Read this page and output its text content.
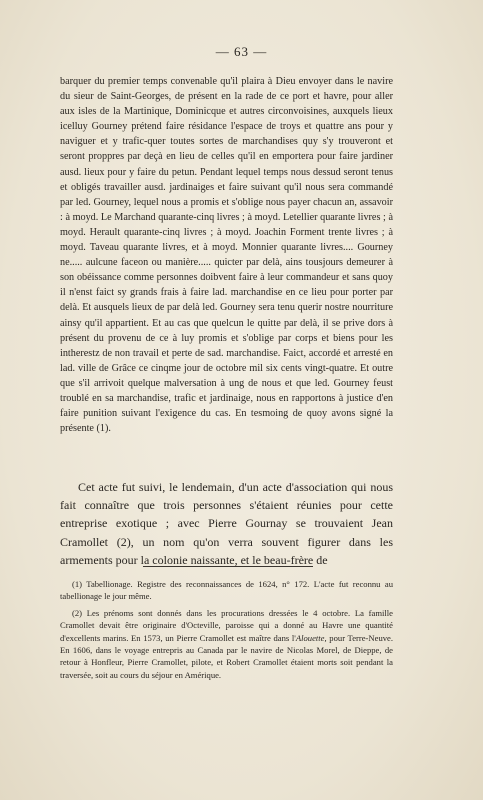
— 63 —

barquer du premier temps convenable qu'il plaira à Dieu envoyer dans le navire du sieur de Saint-Georges, de présent en la rade de ce port et havre, pour aller aux isles de la Martinique, Dominicque et autres circonvoisines, auxquels lieux icelluy Gourney prétend faire résidance l'espace de troys et quattre ans pour y naviguer et y trafic-quer toutes sortes de marchandises quy s'y trouveront et seront proppres par deçà en lieu de celles qu'il en emportera pour faire jardiner ausd. lieux pour y faire du petun. Pendant lequel temps nous dessud seront tenus et obligés travailler ausd. jardinaiges et faire suivant qu'il nous sera commandé par led. Gourney, lequel nous a promis et s'oblige nous payer chacun an, assavoir : à moyd. Le Marchand quarante-cinq livres ; à moyd. Letellier quarante livres ; à moyd. Herault quarante-cinq livres ; à moyd. Joachin Forment trente livres ; à moyd. Taveau quarante livres, et à moyd. Monnier quarante livres.... Gourney ne..... aulcune faceon ou manière..... quicter par delà, ains tousjours demeurer à son obéissance comme personnes doibvent faire à leur commandeur et sans quoy il n'enst faict sy grands frais à faire lad. marchandise en ce lieu pour porter par delà. Et ausquels lieux de par delà led. Gourney sera tenu querir nostre nourriture ainsy qu'il appartient. Et au cas que quelcun le quitte par delà, il se prive dors à présent du provenu de ce à luy promis et s'oblige par corps et biens pour les intherestz de non travail et perte de sad. marchandise. Faict, accordé et arresté en lad. ville de Grâce ce cinqme jour de octobre mil six cents vingt-quatre. Et outre que s'il arrivoit quelque malversation à ung de nous et que led. Gourney feust troublé en sa marchandise, trafic et jardinaige, nous en rapportons à justice d'en faire punition suivant l'exigence du cas. En tesmoing de quoy avons signé la présente (1).

Cet acte fut suivi, le lendemain, d'un acte d'association qui nous fait connaître que trois personnes s'étaient réunies pour cette entreprise exotique ; avec Pierre Gournay se trouvaient Jean Cramollet (2), un nom qu'on verra souvent figurer dans les armements pour la colonie naissante, et le beau-frère de

(1) Tabellionage. Registre des reconnaissances de 1624, n° 172. L'acte fut reconnu au tabellionage le jour même.

(2) Les prénoms sont donnés dans les procurations dressées le 4 octobre. La famille Cramollet devait être originaire d'Octeville, paroisse qui a donné au Havre une quantité d'excellents marins. En 1573, un Pierre Cramollet est maître dans l'Alouette, pour Terre-Neuve. En 1606, dans le voyage entrepris au Canada par le navire de Nicolas Morel, de Dieppe, de retour à Honfleur, Pierre Cramollet, pilote, et Robert Cramollet étaient morts soit pendant la traversée, soit au cours du séjour en Amérique.
